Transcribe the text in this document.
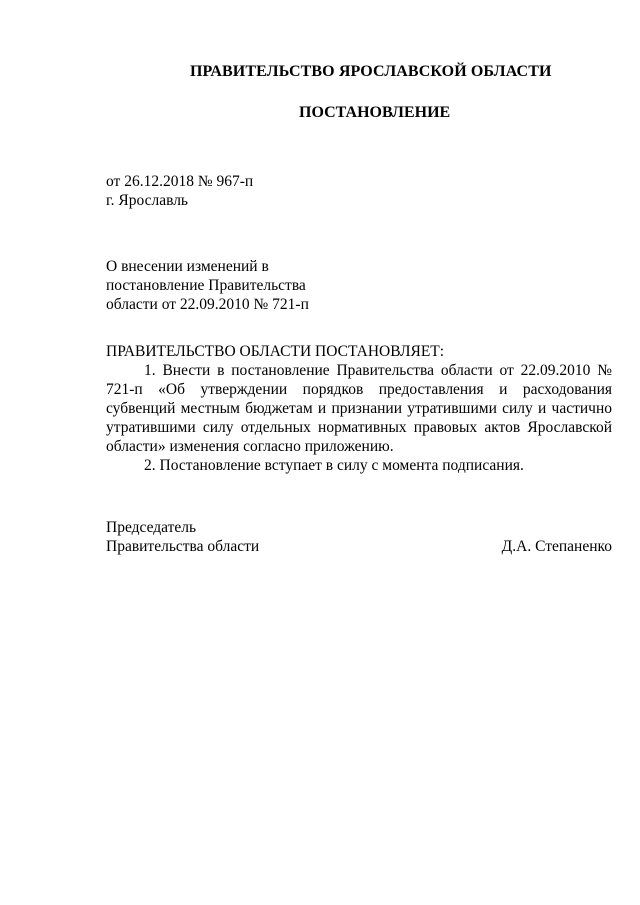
ПРАВИТЕЛЬСТВО ЯРОСЛАВСКОЙ ОБЛАСТИ
ПОСТАНОВЛЕНИЕ
от 26.12.2018 № 967-п
г. Ярославль
О внесении изменений в
постановление Правительства
области от 22.09.2010 № 721-п
ПРАВИТЕЛЬСТВО ОБЛАСТИ ПОСТАНОВЛЯЕТ:
1. Внести в постановление Правительства области от 22.09.2010 № 721-п «Об утверждении порядков предоставления и расходования субвенций местным бюджетам и признании утратившими силу и частично утратившими силу отдельных нормативных правовых актов Ярославской области» изменения согласно приложению.
2. Постановление вступает в силу с момента подписания.
Председатель
Правительства области	Д.А. Степаненко
